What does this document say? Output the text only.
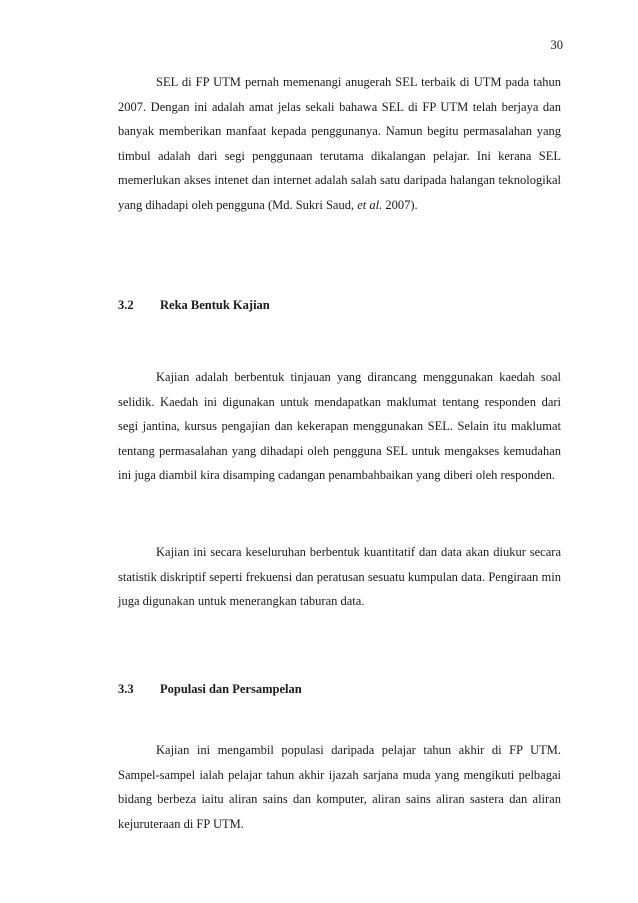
30

SEL di FP UTM pernah memenangi anugerah SEL terbaik di UTM pada tahun 2007. Dengan ini adalah amat jelas sekali bahawa SEL di FP UTM telah berjaya dan banyak memberikan manfaat kepada penggunanya. Namun begitu permasalahan yang timbul adalah dari segi penggunaan terutama dikalangan pelajar. Ini kerana SEL memerlukan akses intenet dan internet adalah salah satu daripada halangan teknologikal yang dihadapi oleh pengguna (Md. Sukri Saud, et al. 2007).

3.2 Reka Bentuk Kajian

Kajian adalah berbentuk tinjauan yang dirancang menggunakan kaedah soal selidik. Kaedah ini digunakan untuk mendapatkan maklumat tentang responden dari segi jantina, kursus pengajian dan kekerapan menggunakan SEL. Selain itu maklumat tentang permasalahan yang dihadapi oleh pengguna SEL untuk mengakses kemudahan ini juga diambil kira disamping cadangan penambahbaikan yang diberi oleh responden.

Kajian ini secara keseluruhan berbentuk kuantitatif dan data akan diukur secara statistik diskriptif seperti frekuensi dan peratusan sesuatu kumpulan data. Pengiraan min juga digunakan untuk menerangkan taburan data.

3.3 Populasi dan Persampelan

Kajian ini mengambil populasi daripada pelajar tahun akhir di FP UTM. Sampel-sampel ialah pelajar tahun akhir ijazah sarjana muda yang mengikuti pelbagai bidang berbeza iaitu aliran sains dan komputer, aliran sains aliran sastera dan aliran kejuruteraan di FP UTM.
